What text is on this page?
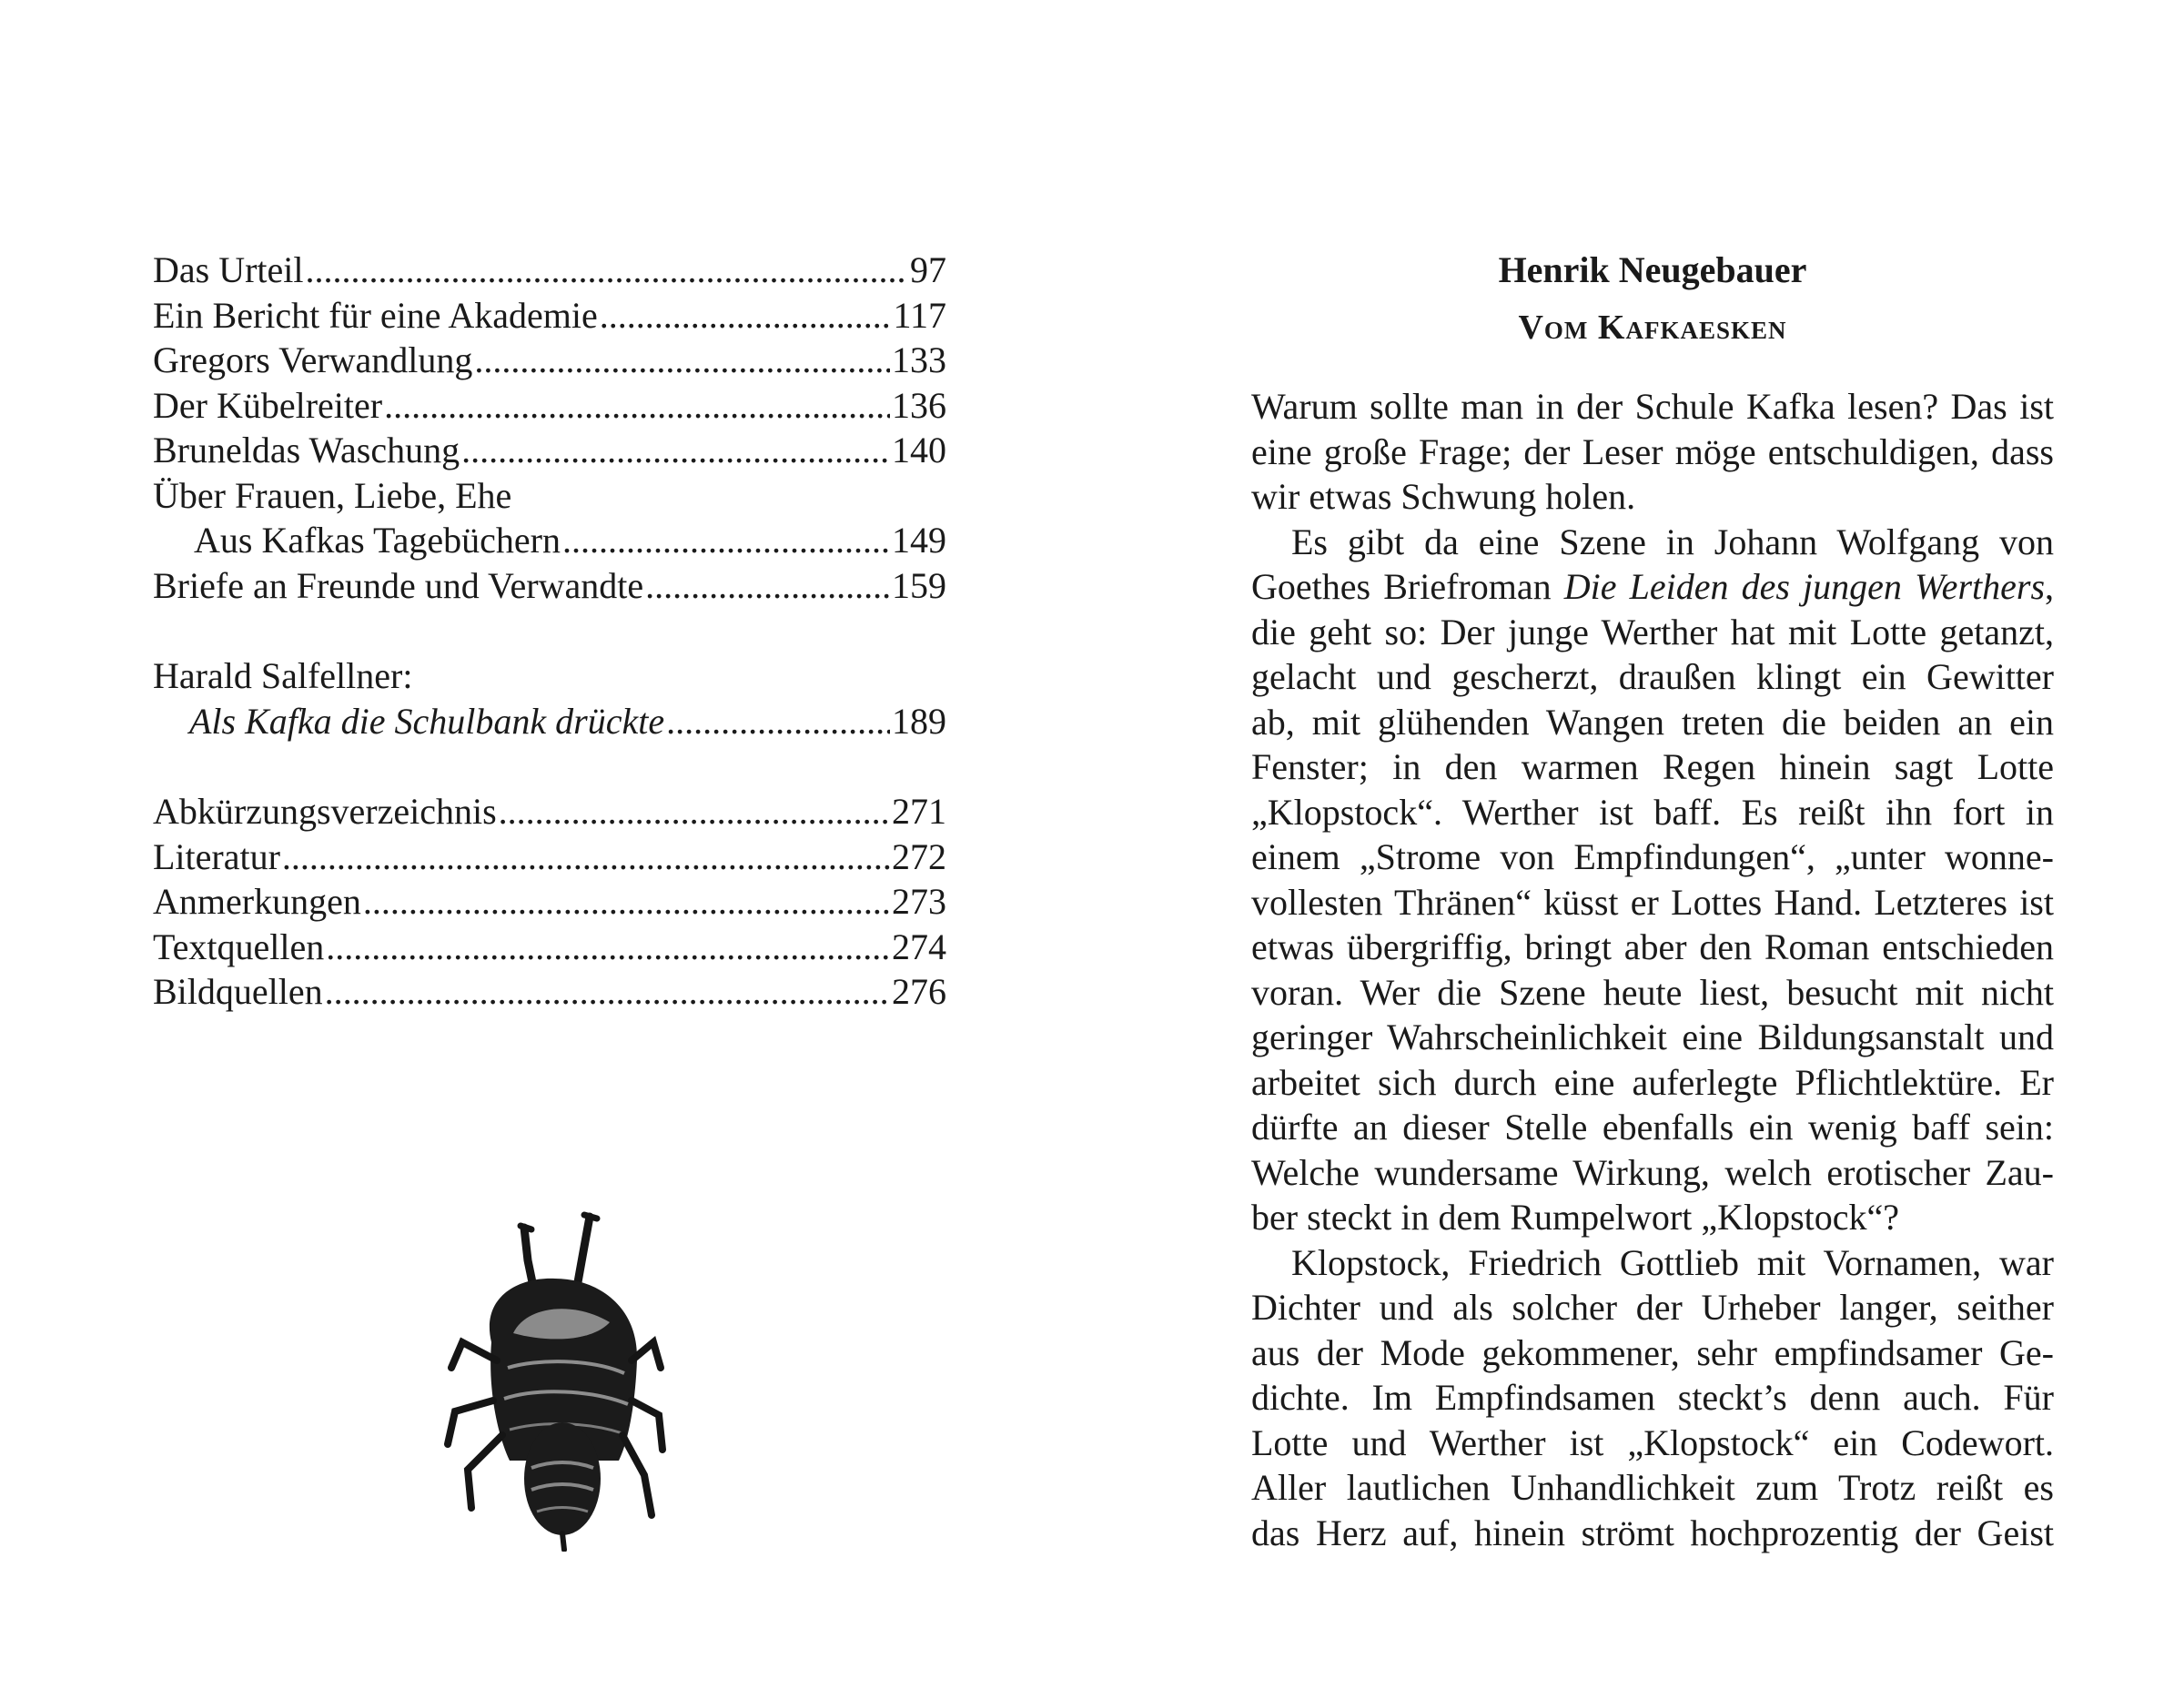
Das Urteil .....	97
Ein Bericht für eine Akademie .....	117
Gregors Verwandlung .....	133
Der Kübelreiter .....	136
Bruneldas Waschung .....	140
Über Frauen, Liebe, Ehe
Aus Kafkas Tagebüchern .....	149
Briefe an Freunde und Verwandte .....	159
Harald Salfellner:
Als Kafka die Schulbank drückte .....	189
Abkürzungsverzeichnis .....	271
Literatur .....	272
Anmerkungen .....	273
Textquellen .....	274
Bildquellen .....	276
Henrik Neugebauer
Vom Kafkaesken
Warum sollte man in der Schule Kafka lesen? Das ist
eine große Frage; der Leser möge entschuldigen, dass
wir etwas Schwung holen.
Es gibt da eine Szene in Johann Wolfgang von
Goethes Briefroman Die Leiden des jungen Werthers,
die geht so: Der junge Werther hat mit Lotte getanzt,
gelacht und gescherzt, draußen klingt ein Gewitter
ab, mit glühenden Wangen treten die beiden an ein
Fenster; in den warmen Regen hinein sagt Lotte
„Klopstock“. Werther ist baff. Es reißt ihn fort in
einem „Strome von Empfindungen“, „unter wonne-
vollesten Thränen“ küsst er Lottes Hand. Letzteres ist
etwas übergriffig, bringt aber den Roman entschieden
voran. Wer die Szene heute liest, besucht mit nicht
geringer Wahrscheinlichkeit eine Bildungsanstalt und
arbeitet sich durch eine auferlegte Pflichtlektüre. Er
dürfte an dieser Stelle ebenfalls ein wenig baff sein:
Welche wundersame Wirkung, welch erotischer Zau-
ber steckt in dem Rumpelwort „Klopstock“?
Klopstock, Friedrich Gottlieb mit Vornamen, war
Dichter und als solcher der Urheber langer, seither
aus der Mode gekommener, sehr empfindsamer Ge-
dichte. Im Empfindsamen steckt’s denn auch. Für
Lotte und Werther ist „Klopstock“ ein Codewort.
Aller lautlichen Unhandlichkeit zum Trotz reißt es
das Herz auf, hinein strömt hochprozentig der Geist
